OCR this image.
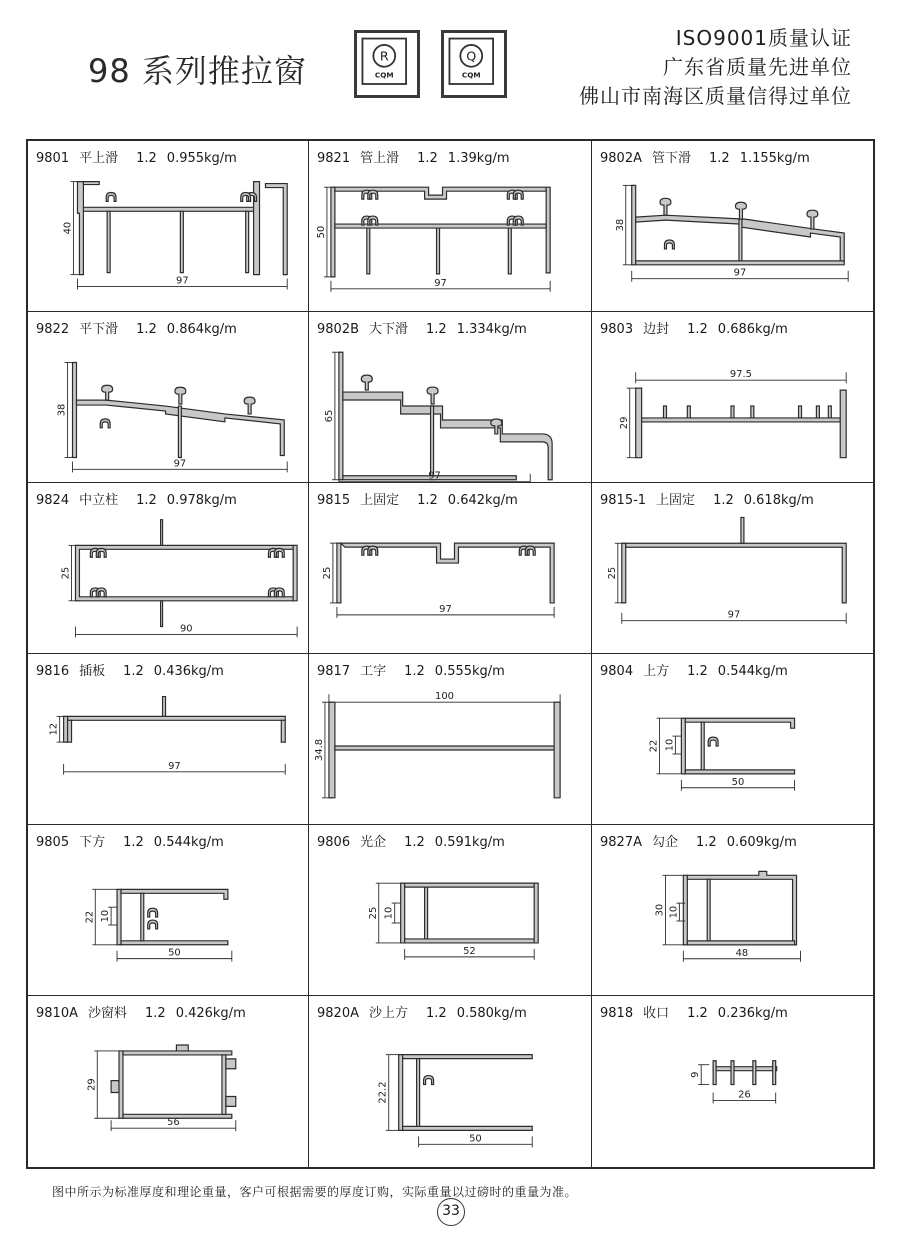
98 系列推拉窗	R
CQM
Q
CQM
ISO9001质量认证
广东省质量先进单位
佛山市南海区质量信得过单位
9801 平上滑 1.2 0.955kg/m
40
97
9821 管上滑 1.2 1.39kg/m
50
97
9802A 管下滑 1.2 1.155kg/m
38
97
9822 平下滑 1.2 0.864kg/m
38
97
9802B 大下滑 1.2 1.334kg/m
65
97
9803 边封 1.2 0.686kg/m
29
97.5
9824 中立柱 1.2 0.978kg/m
25
90
9815 上固定 1.2 0.642kg/m
25
97
9815-1 上固定 1.2 0.618kg/m
25
97
9816 插板 1.2 0.436kg/m
12
97
9817 工字 1.2 0.555kg/m
34.8
100
9804 上方 1.2 0.544kg/m
22 10
50
9805 下方 1.2 0.544kg/m
22 10
50
9806 光企 1.2 0.591kg/m
25 10
52
9827A 勾企 1.2 0.609kg/m
30 10
48
9810A 沙窗料 1.2 0.426kg/m
29
56
9820A 沙上方 1.2 0.580kg/m
22.2
50
9818 收口 1.2 0.236kg/m
9
26
图中所示为标准厚度和理论重量，客户可根据需要的厚度订购，实际重量以过磅时的重量为准。
33
